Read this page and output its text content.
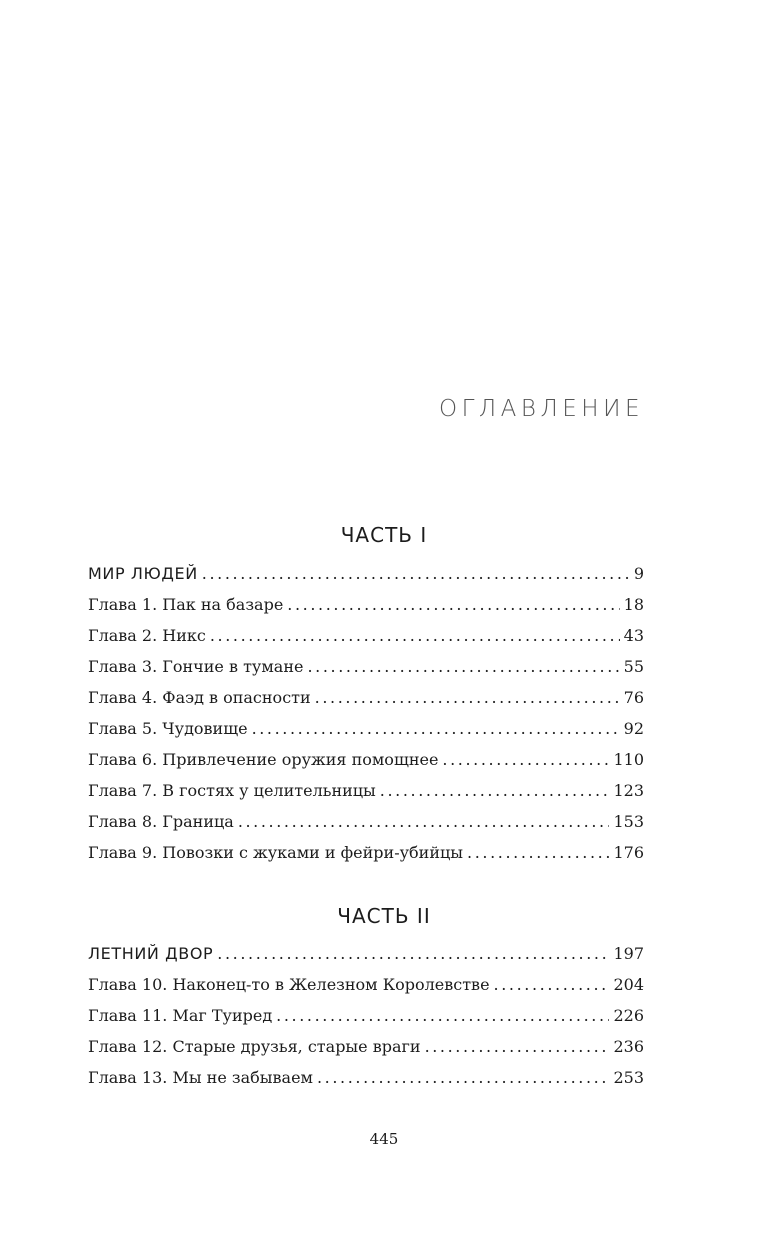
ОГЛАВЛЕНИЕ
ЧАСТЬ I
МИР ЛЮДЕЙ .....	9
Глава 1. Пак на базаре .....	18
Глава 2. Никс .....	43
Глава 3. Гончие в тумане .....	55
Глава 4. Фаэд в опасности .....	76
Глава 5. Чудовище .....	92
Глава 6. Привлечение оружия помощнее .....	110
Глава 7. В гостях у целительницы .....	123
Глава 8. Граница .....	153
Глава 9. Повозки с жуками и фейри-убийцы .....	176
ЧАСТЬ II
ЛЕТНИЙ ДВОР .....	197
Глава 10. Наконец-то в Железном Королевстве .....	204
Глава 11. Маг Туиред .....	226
Глава 12. Старые друзья, старые враги .....	236
Глава 13. Мы не забываем .....	253
445
